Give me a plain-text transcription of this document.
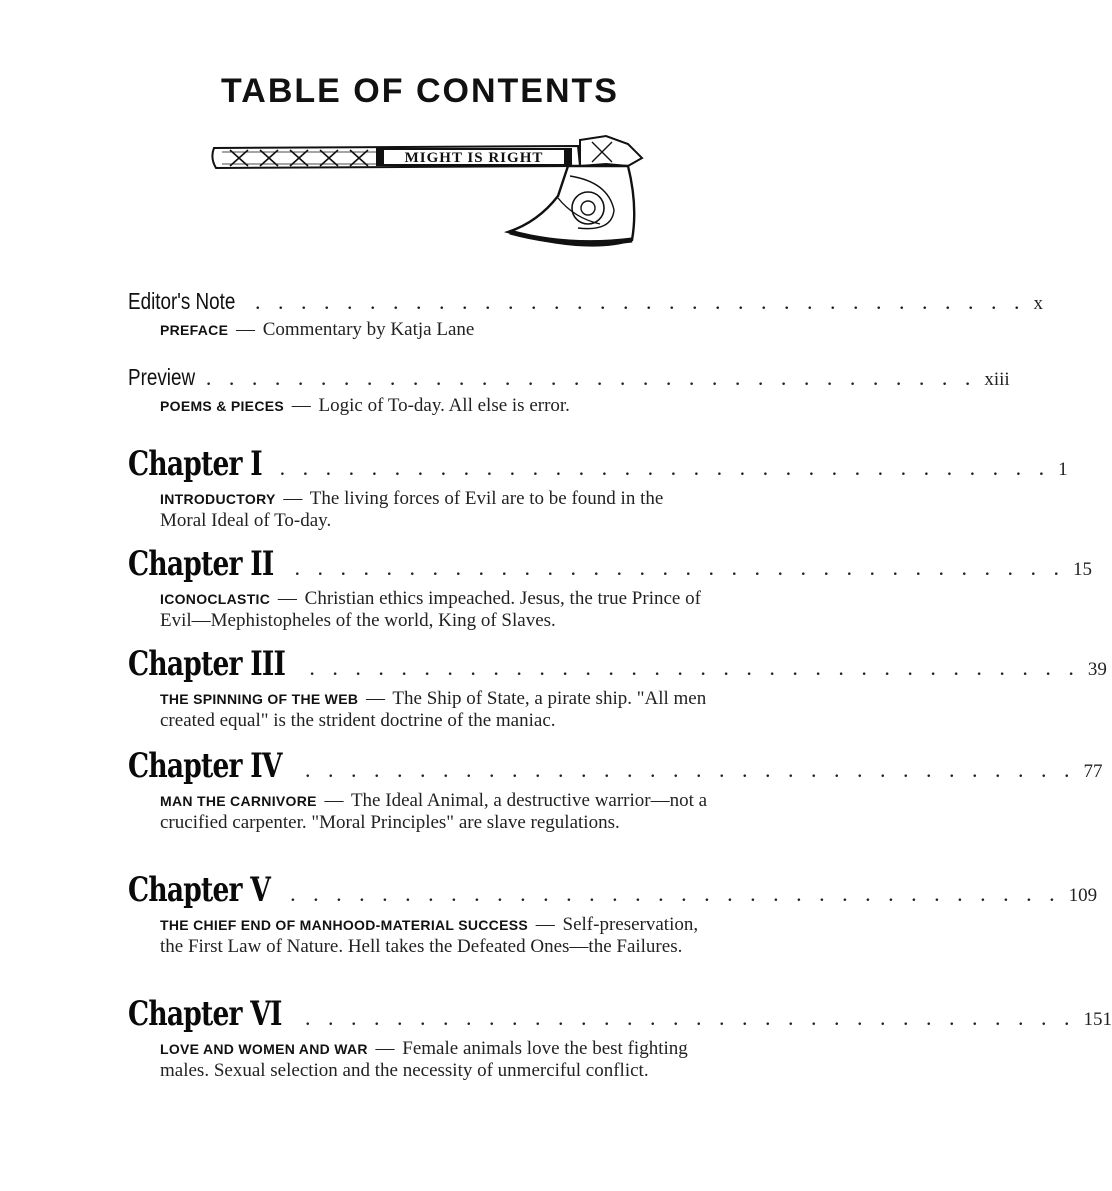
TABLE OF CONTENTS
MIGHT IS RIGHT
Editor's Note . . . . . . . . . . . . . . . . . . . . . . . . . . . . . . . . . . x
PREFACE — Commentary by Katja Lane
Preview . . . . . . . . . . . . . . . . . . . . . . . . . . . . . . . . . . xiii
POEMS & PIECES — Logic of To-day. All else is error.
Chapter I . . . . . . . . . . . . . . . . . . . . . . . . . . . . . . . . . . 1
INTRODUCTORY — The living forces of Evil are to be found in the Moral Ideal of To-day.
Chapter II . . . . . . . . . . . . . . . . . . . . . . . . . . . . . . . . . . 15
ICONOCLASTIC — Christian ethics impeached. Jesus, the true Prince of Evil—Mephistopheles of the world, King of Slaves.
Chapter III	. . . . . . . . . . . . . . . . . . . . . . . . . . . . . . . . . . 39
THE SPINNING OF THE WEB — The Ship of State, a pirate ship. "All men created equal" is the strident doctrine of the maniac.
Chapter IV	. . . . . . . . . . . . . . . . . . . . . . . . . . . . . . . . . . 77
MAN THE CARNIVORE — The Ideal Animal, a destructive warrior—not a crucified carpenter. "Moral Principles" are slave regulations.
Chapter V . . . . . . . . . . . . . . . . . . . . . . . . . . . . . . . . . . 109
THE CHIEF END OF MANHOOD-MATERIAL SUCCESS — Self-preservation, the First Law of Nature. Hell takes the Defeated Ones—the Failures.
Chapter VI	. . . . . . . . . . . . . . . . . . . . . . . . . . . . . . . . . . 151
LOVE AND WOMEN AND WAR — Female animals love the best fighting males. Sexual selection and the necessity of unmerciful conflict.
